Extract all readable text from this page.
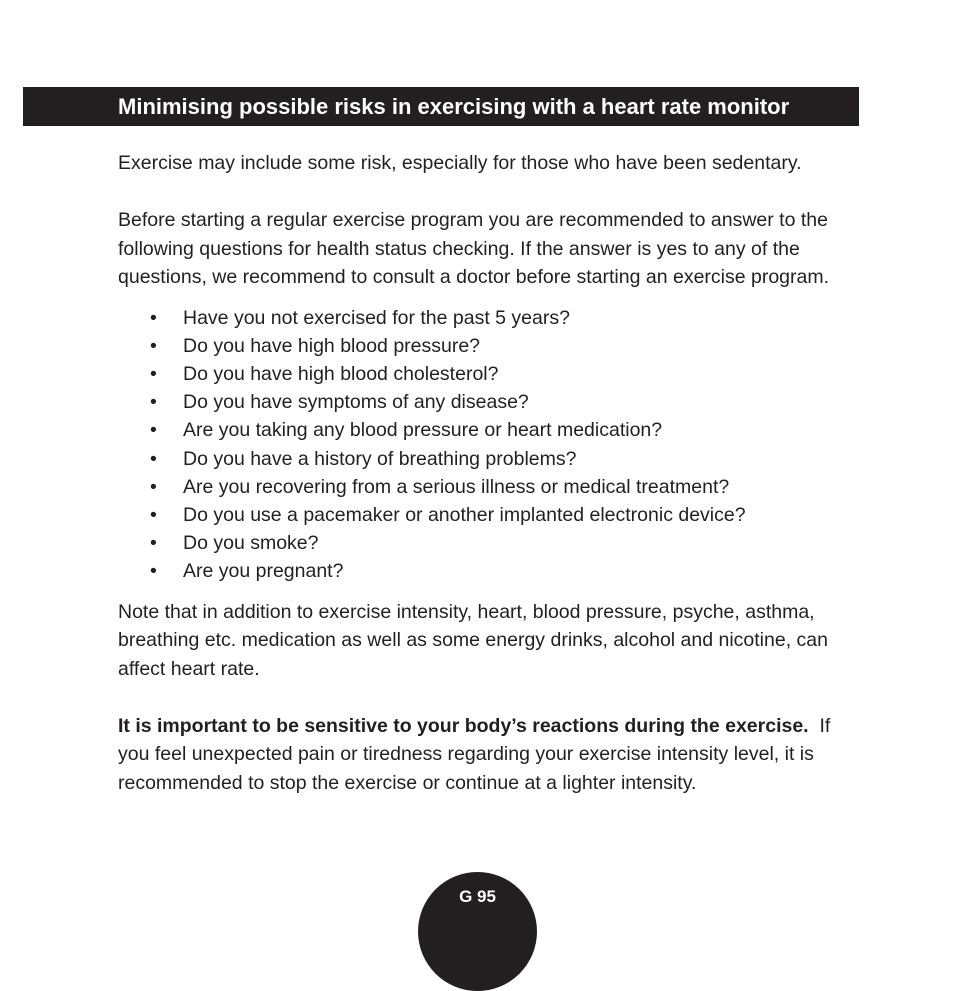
Minimising possible risks in exercising with a heart rate monitor

Exercise may include some risk, especially for those who have been sedentary.

Before starting a regular exercise program you are recommended to answer to the following questions for health status checking. If the answer is yes to any of the questions, we recommend to consult a doctor before starting an exercise program.

• Have you not exercised for the past 5 years?
• Do you have high blood pressure?
• Do you have high blood cholesterol?
• Do you have symptoms of any disease?
• Are you taking any blood pressure or heart medication?
• Do you have a history of breathing problems?
• Are you recovering from a serious illness or medical treatment?
• Do you use a pacemaker or another implanted electronic device?
• Do you smoke?
• Are you pregnant?

Note that in addition to exercise intensity, heart, blood pressure, psyche, asthma, breathing etc. medication as well as some energy drinks, alcohol and nicotine, can affect heart rate.

It is important to be sensitive to your body’s reactions during the exercise. If you feel unexpected pain or tiredness regarding your exercise intensity level, it is recommended to stop the exercise or continue at a lighter intensity.

G 95
